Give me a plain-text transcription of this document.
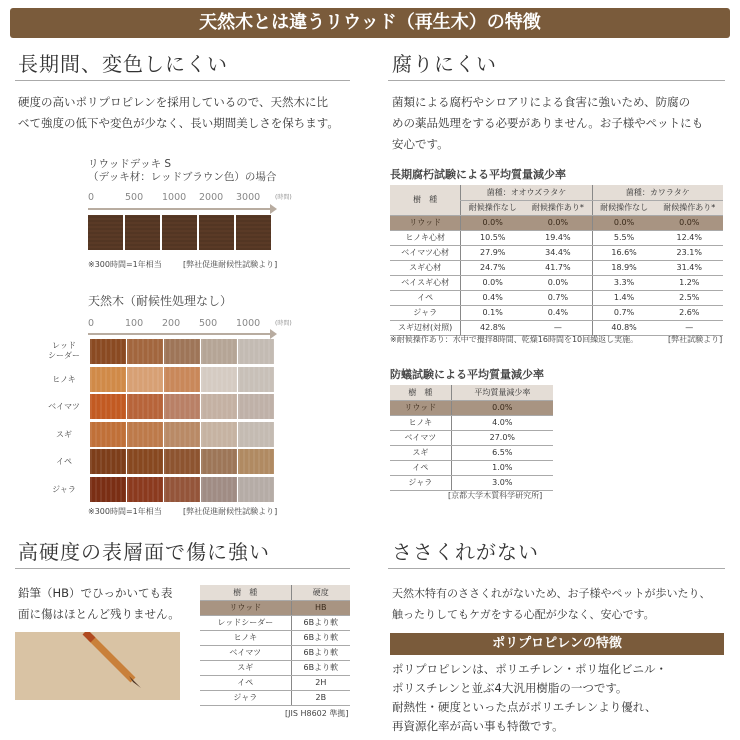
天然木とは違うリウッド（再生木）の特徴
長期間、変色しにくい
硬度の高いポリプロピレンを採用しているので、天然木に比
べて強度の低下や変色が少なく、長い期間美しさを保ちます。
リウッドデッキ S
（デッキ材：レッドブラウン色）の場合
天然木（耐候性処理なし）
腐りにくい
菌類による腐朽やシロアリによる食害に強いため、防腐の
めの薬品処理をする必要がありません。お子様やペットにも
安心です。
長期腐朽試験による平均質量減少率
樹　種	菌種：オオウズラタケ		菌種：カワラタケ	
	耐候操作なし	耐候操作あり*	耐候操作なし	耐候操作あり*
リウッド	0.0%	0.0%	0.0%	0.0%
ヒノキ心材	10.5%	19.4%	5.5%	12.4%
ベイマツ心材	27.9%	34.4%	16.6%	23.1%
スギ心材	24.7%	41.7%	18.9%	31.4%
ベイスギ心材	0.0%	0.0%	3.3%	1.2%
イペ	0.4%	0.7%	1.4%	2.5%
ジャラ	0.1%	0.4%	0.7%	2.6%
スギ辺材(対照)	42.8%	—	40.8%	—
※耐候操作あり：水中で攪拌8時間、乾燥16時間を10回繰返し実施。	[弊社試験より]
防蟻試験による平均質量減少率
樹　種	平均質量減少率
リウッド	0.0%
ヒノキ	4.0%
ベイマツ	27.0%
スギ	6.5%
イペ	1.0%
ジャラ	3.0%
[京都大学木質科学研究所]
高硬度の表層面で傷に強い
鉛筆（HB）でひっかいても表
面に傷はほとんど残りません。
樹　種	硬度
リウッド	HB
レッドシーダー	6Bより軟
ヒノキ	6Bより軟
ベイマツ	6Bより軟
スギ	6Bより軟
イペ	2H
ジャラ	2B
[JIS H8602 準拠]
ささくれがない
天然木特有のささくれがないため、お子様やペットが歩いたり、
触ったりしてもケガをする心配が少なく、安心です。
ポリプロピレンの特徴
ポリプロピレンは、ポリエチレン・ポリ塩化ビニル・
ポリスチレンと並ぶ4大汎用樹脂の一つです。
耐熱性・硬度といった点がポリエチレンより優れ、
再資源化率が高い事も特徴です。
0	500 1000 2000 3000 (時間)
※300時間=1年相当	[弊社促進耐候性試験より]
0	100 200 500 1000 (時間)
レッド
シーダー
ヒノキ
ベイマツ
スギ
イペ
ジャラ
※300時間=1年相当	[弊社促進耐候性試験より]
